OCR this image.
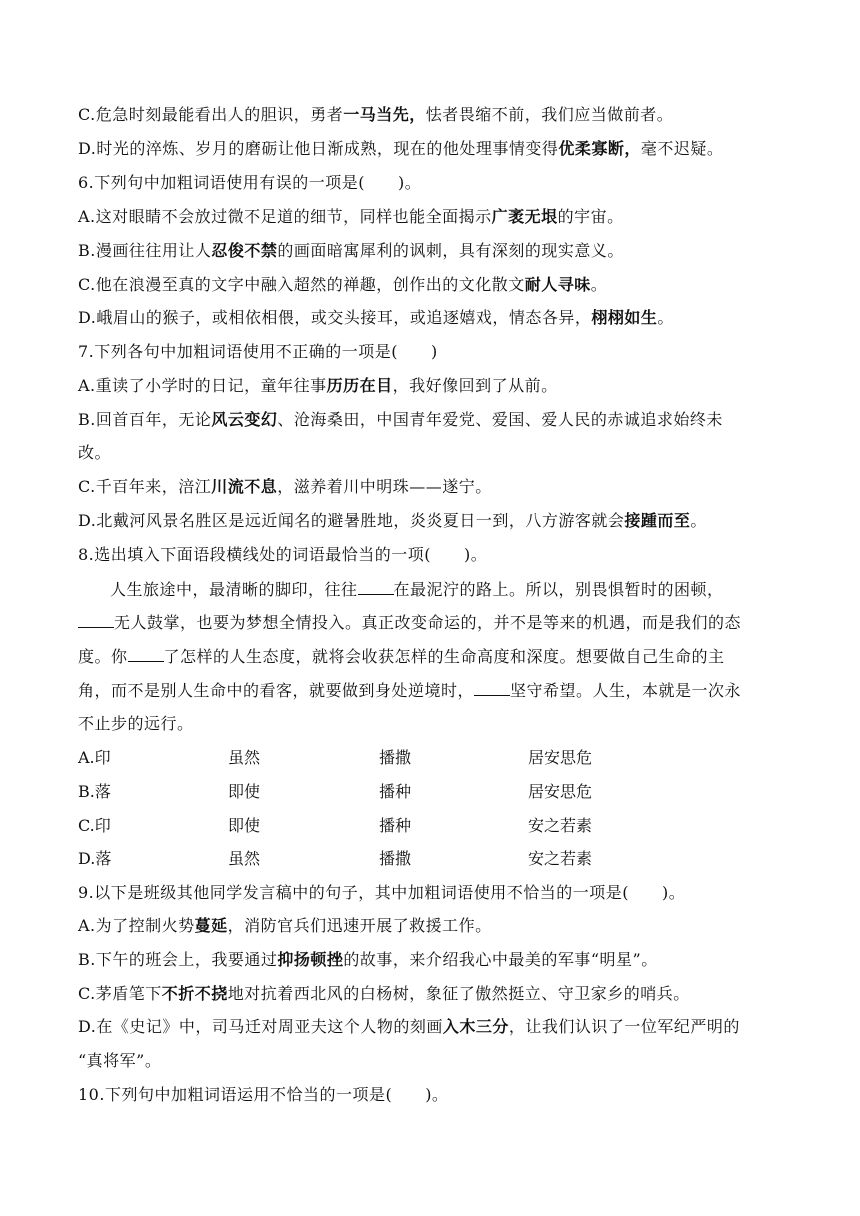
C.危急时刻最能看出人的胆识，勇者一马当先，怯者畏缩不前，我们应当做前者。
D.时光的淬炼、岁月的磨砺让他日渐成熟，现在的他处理事情变得优柔寡断，毫不迟疑。
6.下列句中加粗词语使用有误的一项是(　　)。
A.这对眼睛不会放过微不足道的细节，同样也能全面揭示广袤无垠的宇宙。
B.漫画往往用让人忍俊不禁的画面暗寓犀利的讽刺，具有深刻的现实意义。
C.他在浪漫至真的文字中融入超然的禅趣，创作出的文化散文耐人寻味。
D.峨眉山的猴子，或相依相偎，或交头接耳，或追逐嬉戏，情态各异，栩栩如生。
7.下列各句中加粗词语使用不正确的一项是(　　)
A.重读了小学时的日记，童年往事历历在目，我好像回到了从前。
B.回首百年，无论风云变幻、沧海桑田，中国青年爱党、爱国、爱人民的赤诚追求始终未
改。
C.千百年来，涪江川流不息，滋养着川中明珠——遂宁。
D.北戴河风景名胜区是远近闻名的避暑胜地，炎炎夏日一到，八方游客就会接踵而至。
8.选出填入下面语段横线处的词语最恰当的一项(　　)。
人生旅途中，最清晰的脚印，往往 在最泥泞的路上。所以，别畏惧暂时的困顿，
无人鼓掌，也要为梦想全情投入。真正改变命运的，并不是等来的机遇，而是我们的态
度。你 了怎样的人生态度，就将会收获怎样的生命高度和深度。想要做自己生命的主
角，而不是别人生命中的看客，就要做到身处逆境时， 坚守希望。人生，本就是一次永
不止步的远行。
A.印	虽然	播撒	居安思危
B.落	即使	播种	居安思危
C.印	即使	播种	安之若素
D.落	虽然	播撒	安之若素
9.以下是班级其他同学发言稿中的句子，其中加粗词语使用不恰当的一项是(　　)。
A.为了控制火势蔓延，消防官兵们迅速开展了救援工作。
B.下午的班会上，我要通过抑扬顿挫的故事，来介绍我心中最美的军事“明星”。
C.茅盾笔下不折不挠地对抗着西北风的白杨树，象征了傲然挺立、守卫家乡的哨兵。
D.在《史记》中，司马迁对周亚夫这个人物的刻画入木三分，让我们认识了一位军纪严明的
“真将军”。
10.下列句中加粗词语运用不恰当的一项是(　　)。
